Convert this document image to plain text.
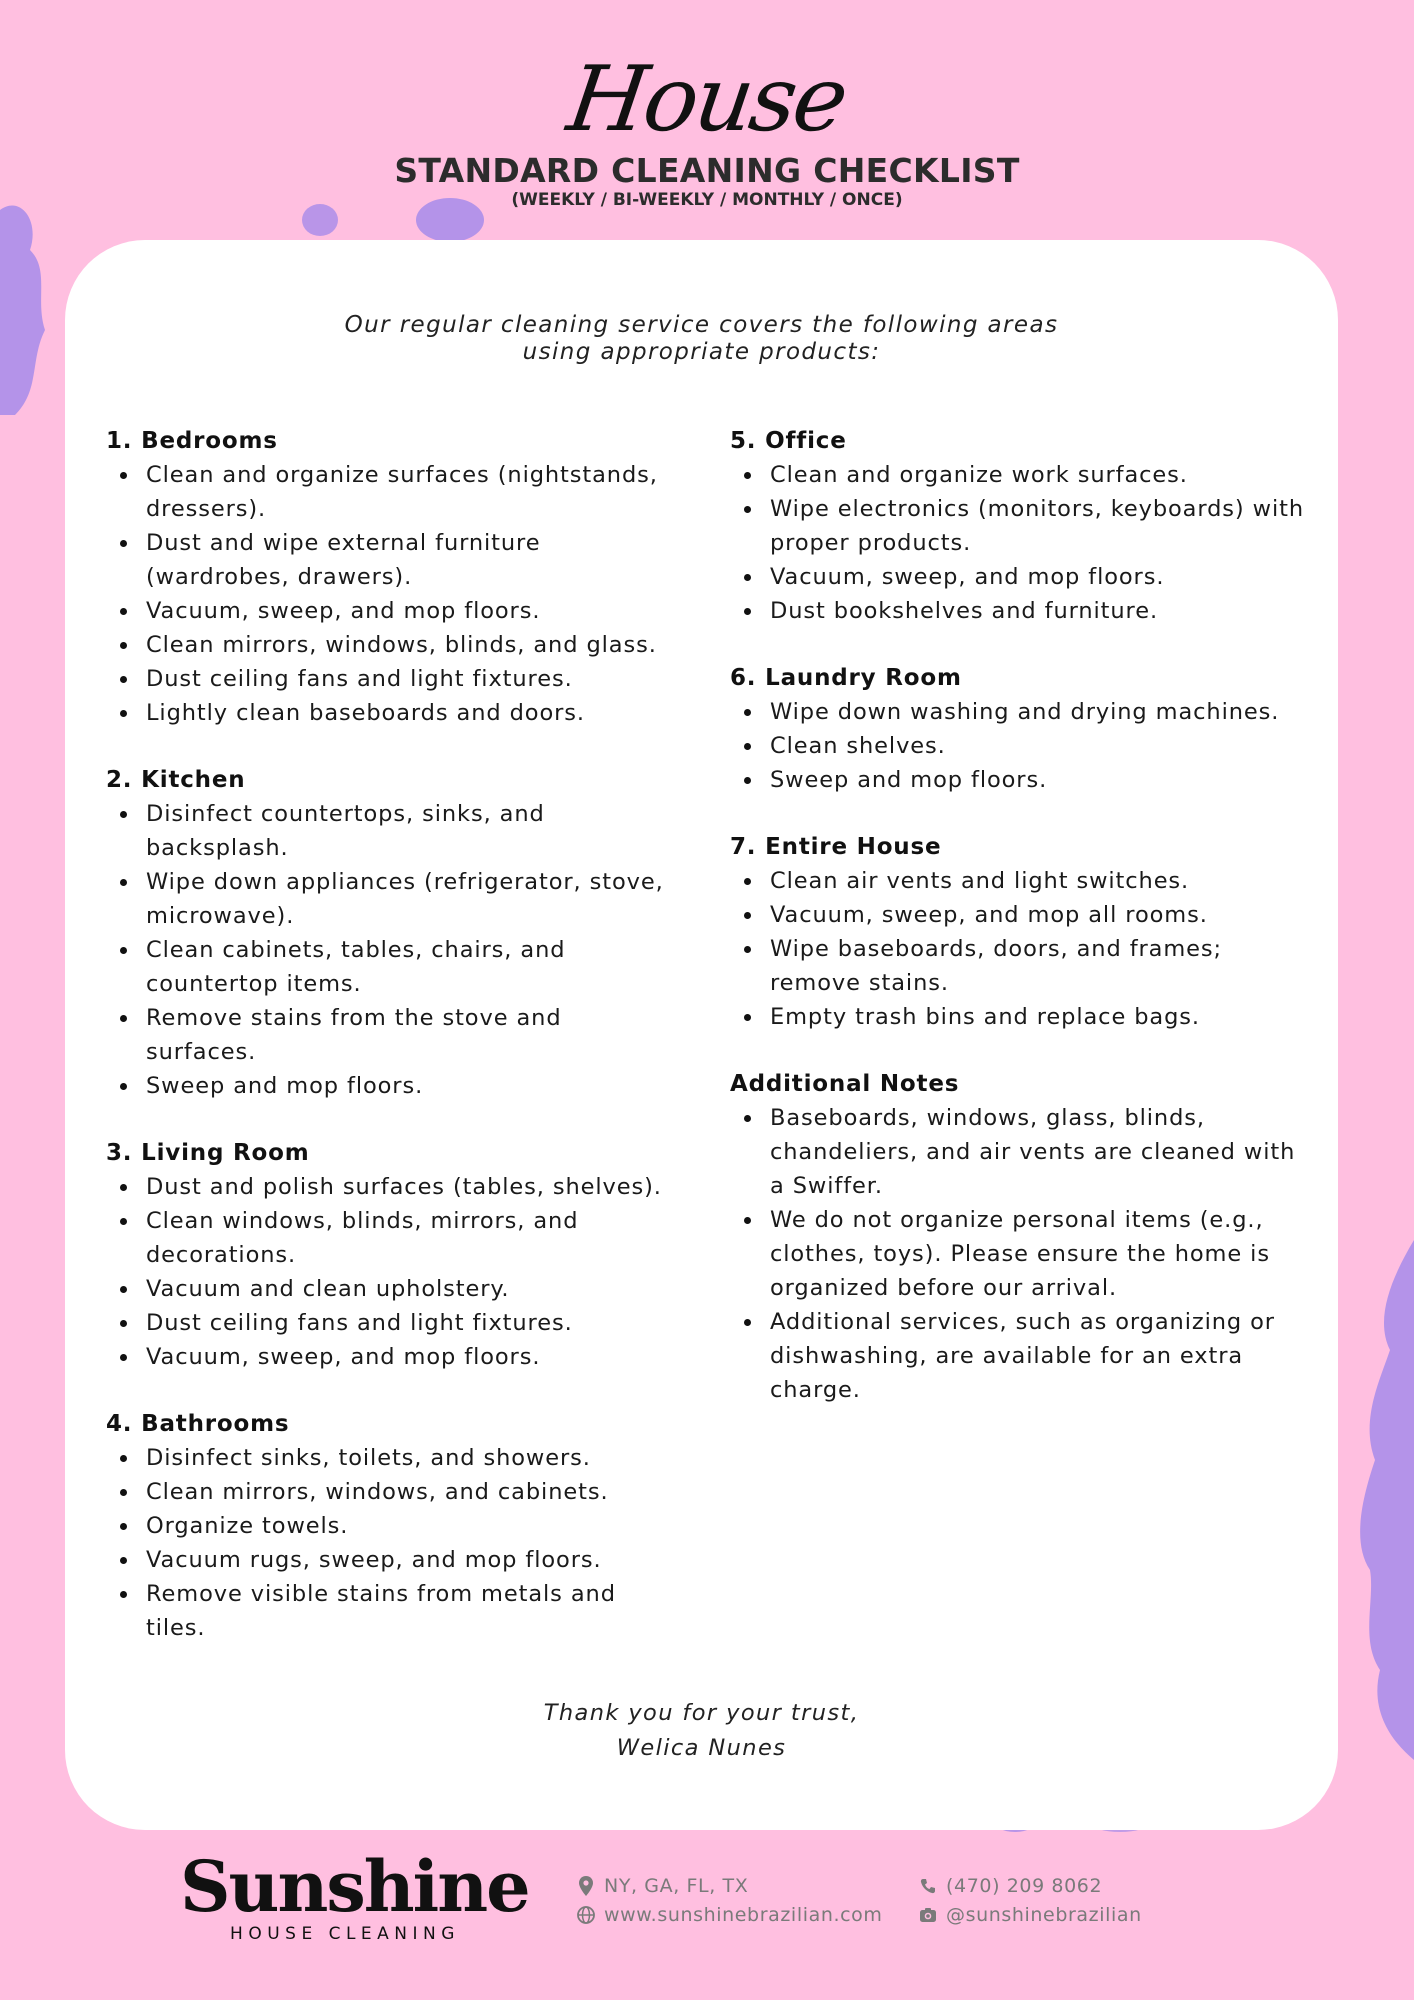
House
STANDARD CLEANING CHECKLIST
(WEEKLY / BI-WEEKLY / MONTHLY / ONCE)
Our regular cleaning service covers the following areas
using appropriate products:
1. Bedrooms
Clean and organize surfaces (nightstands, dressers).
Dust and wipe external furniture (wardrobes, drawers).
Vacuum, sweep, and mop floors.
Clean mirrors, windows, blinds, and glass.
Dust ceiling fans and light fixtures.
Lightly clean baseboards and doors.
2. Kitchen
Disinfect countertops, sinks, and backsplash.
Wipe down appliances (refrigerator, stove, microwave).
Clean cabinets, tables, chairs, and countertop items.
Remove stains from the stove and surfaces.
Sweep and mop floors.
3. Living Room
Dust and polish surfaces (tables, shelves).
Clean windows, blinds, mirrors, and decorations.
Vacuum and clean upholstery.
Dust ceiling fans and light fixtures.
Vacuum, sweep, and mop floors.
4. Bathrooms
Disinfect sinks, toilets, and showers.
Clean mirrors, windows, and cabinets.
Organize towels.
Vacuum rugs, sweep, and mop floors.
Remove visible stains from metals and tiles.
5. Office
Clean and organize work surfaces.
Wipe electronics (monitors, keyboards) with proper products.
Vacuum, sweep, and mop floors.
Dust bookshelves and furniture.
6. Laundry Room
Wipe down washing and drying machines.
Clean shelves.
Sweep and mop floors.
7. Entire House
Clean air vents and light switches.
Vacuum, sweep, and mop all rooms.
Wipe baseboards, doors, and frames; remove stains.
Empty trash bins and replace bags.
Additional Notes
Baseboards, windows, glass, blinds, chandeliers, and air vents are cleaned with a Swiffer.
We do not organize personal items (e.g., clothes, toys). Please ensure the home is organized before our arrival.
Additional services, such as organizing or dishwashing, are available for an extra charge.
Thank you for your trust,
Welica Nunes
Sunshine
HOUSE CLEANING
NY, GA, FL, TX
www.sunshinebrazilian.com
(470) 209 8062
@sunshinebrazilian
